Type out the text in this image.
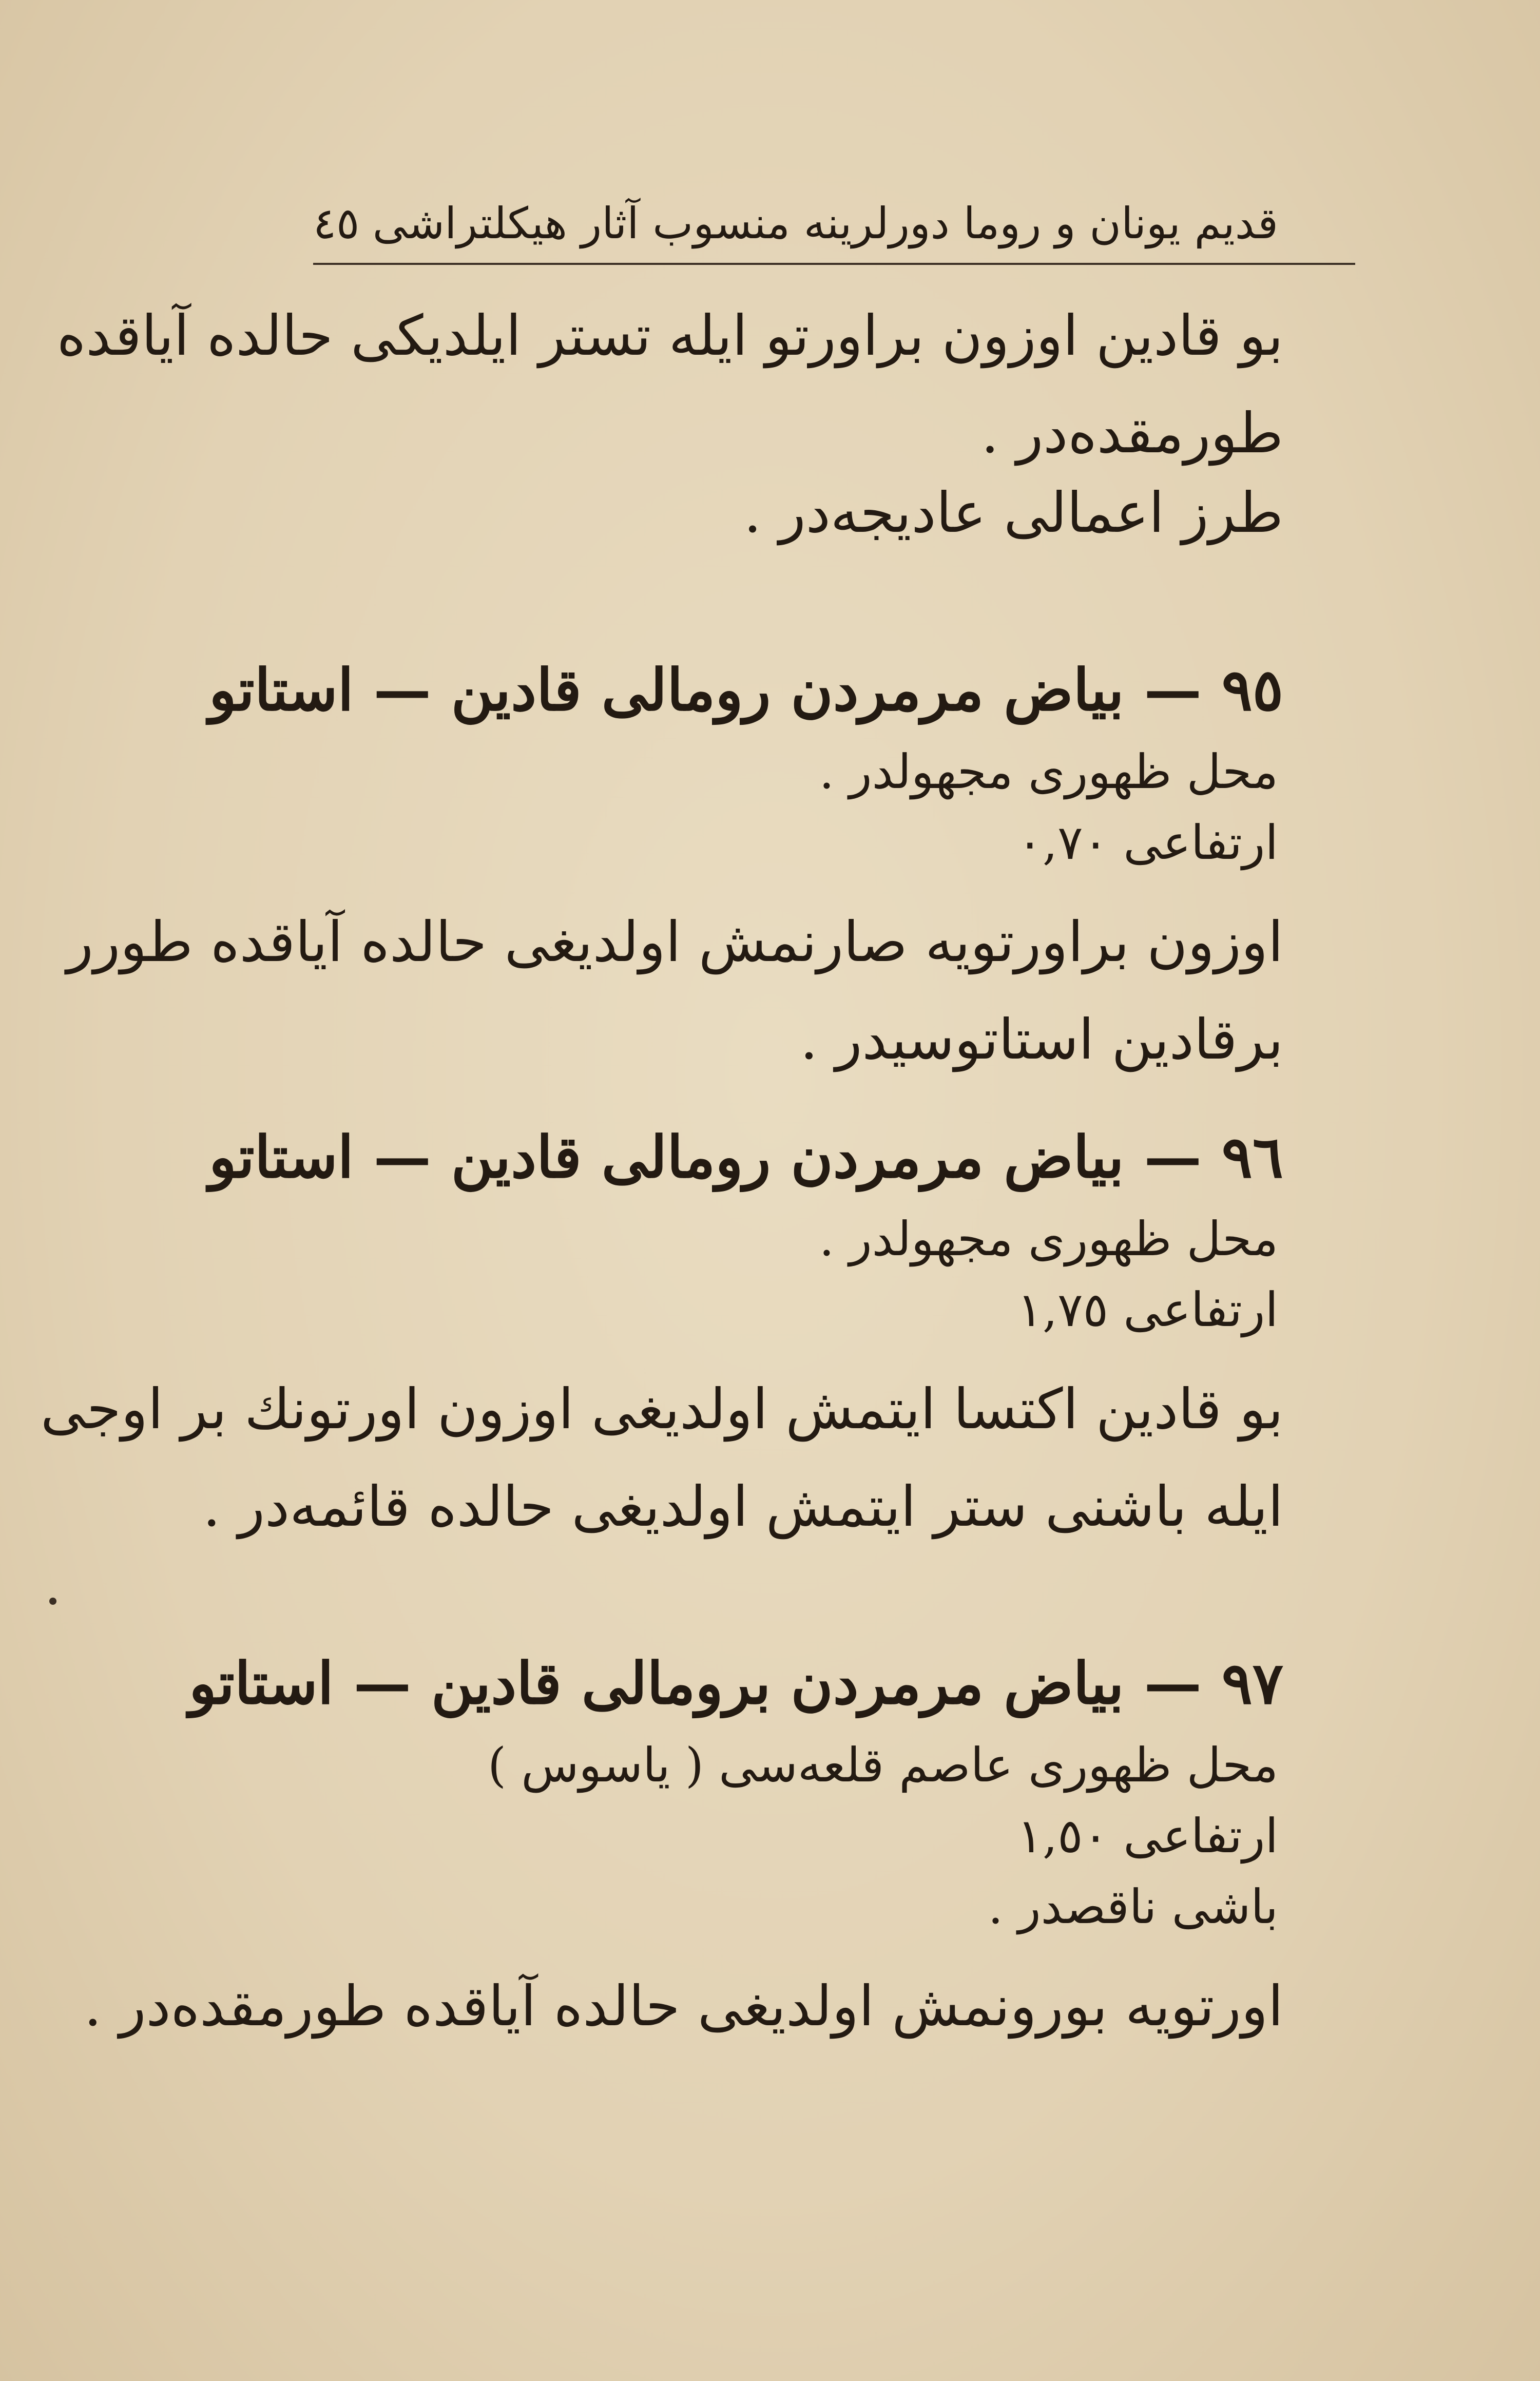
قديم يونان و روما دورلرينه منسوب آثار هيكلتراشى
٤٥
بو قادين اوزون براورتو ايله تستر ايلديكى حالده آياقده
طورمقده‌در .
طرز اعمالى عاديجه‌در .
٩٥ — بياض مرمردن رومالى قادين — استاتو
محل ظهورى مجهولدر .
ارتفاعى ٠,٧٠
اوزون براورتويه صارنمش اولديغى حالده آياقده طورر
برقادين استاتوسيدر .
٩٦ — بياض مرمردن رومالى قادين — استاتو
محل ظهورى مجهولدر .
ارتفاعى ١,٧٥
بو قادين اكتسا ايتمش اولديغى اوزون اورتونك بر اوجى
ايله باشنى ستر ايتمش اولديغى حالده قائمه‌در .
٩٧ — بياض مرمردن برومالى قادين — استاتو
محل ظهورى عاصم قلعه‌سى ( ياسوس )
ارتفاعى ١,٥٠
باشى ناقصدر .
اورتويه بورونمش اولديغى حالده آياقده طورمقده‌در .
